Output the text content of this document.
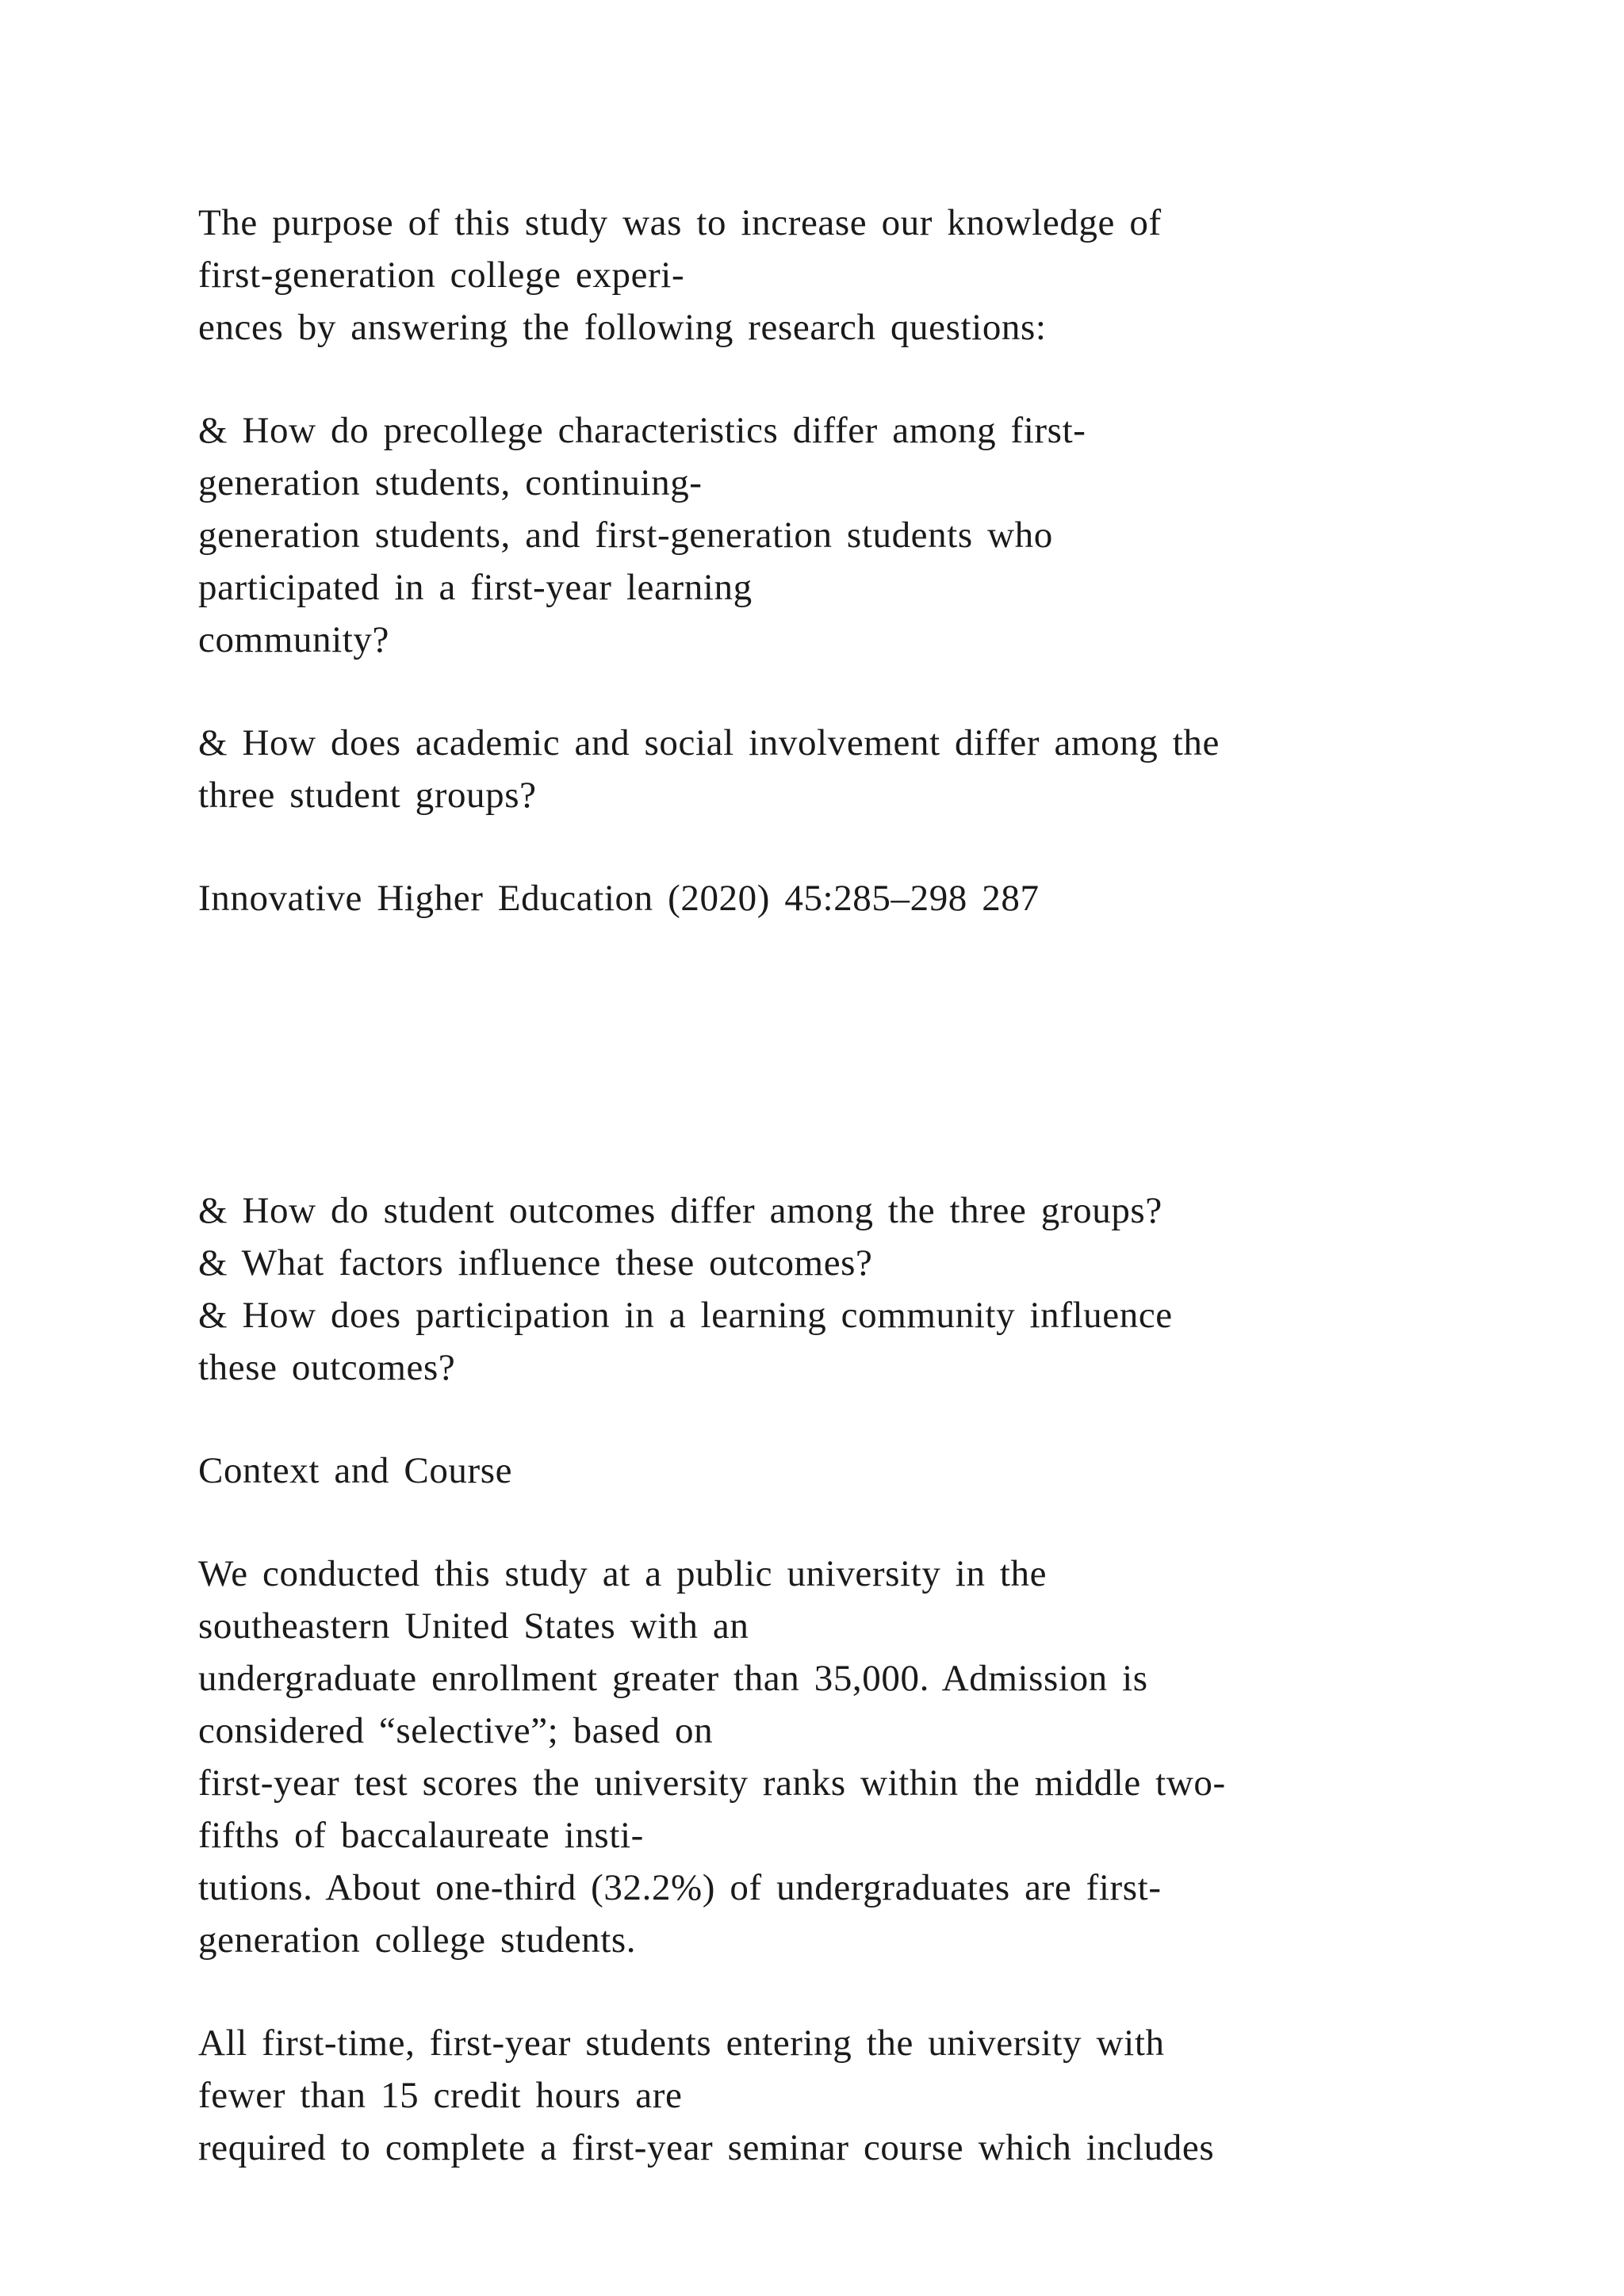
The purpose of this study was to increase our knowledge of
first-generation college experi-
ences by answering the following research questions:
& How do precollege characteristics differ among first-
generation students, continuing-
generation students, and first-generation students who
participated in a first-year learning
community?
& How does academic and social involvement differ among the
three student groups?
Innovative Higher Education (2020) 45:285–298 287
& How do student outcomes differ among the three groups?
& What factors influence these outcomes?
& How does participation in a learning community influence
these outcomes?
Context and Course
We conducted this study at a public university in the
southeastern United States with an
undergraduate enrollment greater than 35,000. Admission is
considered “selective”; based on
first-year test scores the university ranks within the middle two-
fifths of baccalaureate insti-
tutions. About one-third (32.2%) of undergraduates are first-
generation college students.
All first-time, first-year students entering the university with
fewer than 15 credit hours are
required to complete a first-year seminar course which includes
